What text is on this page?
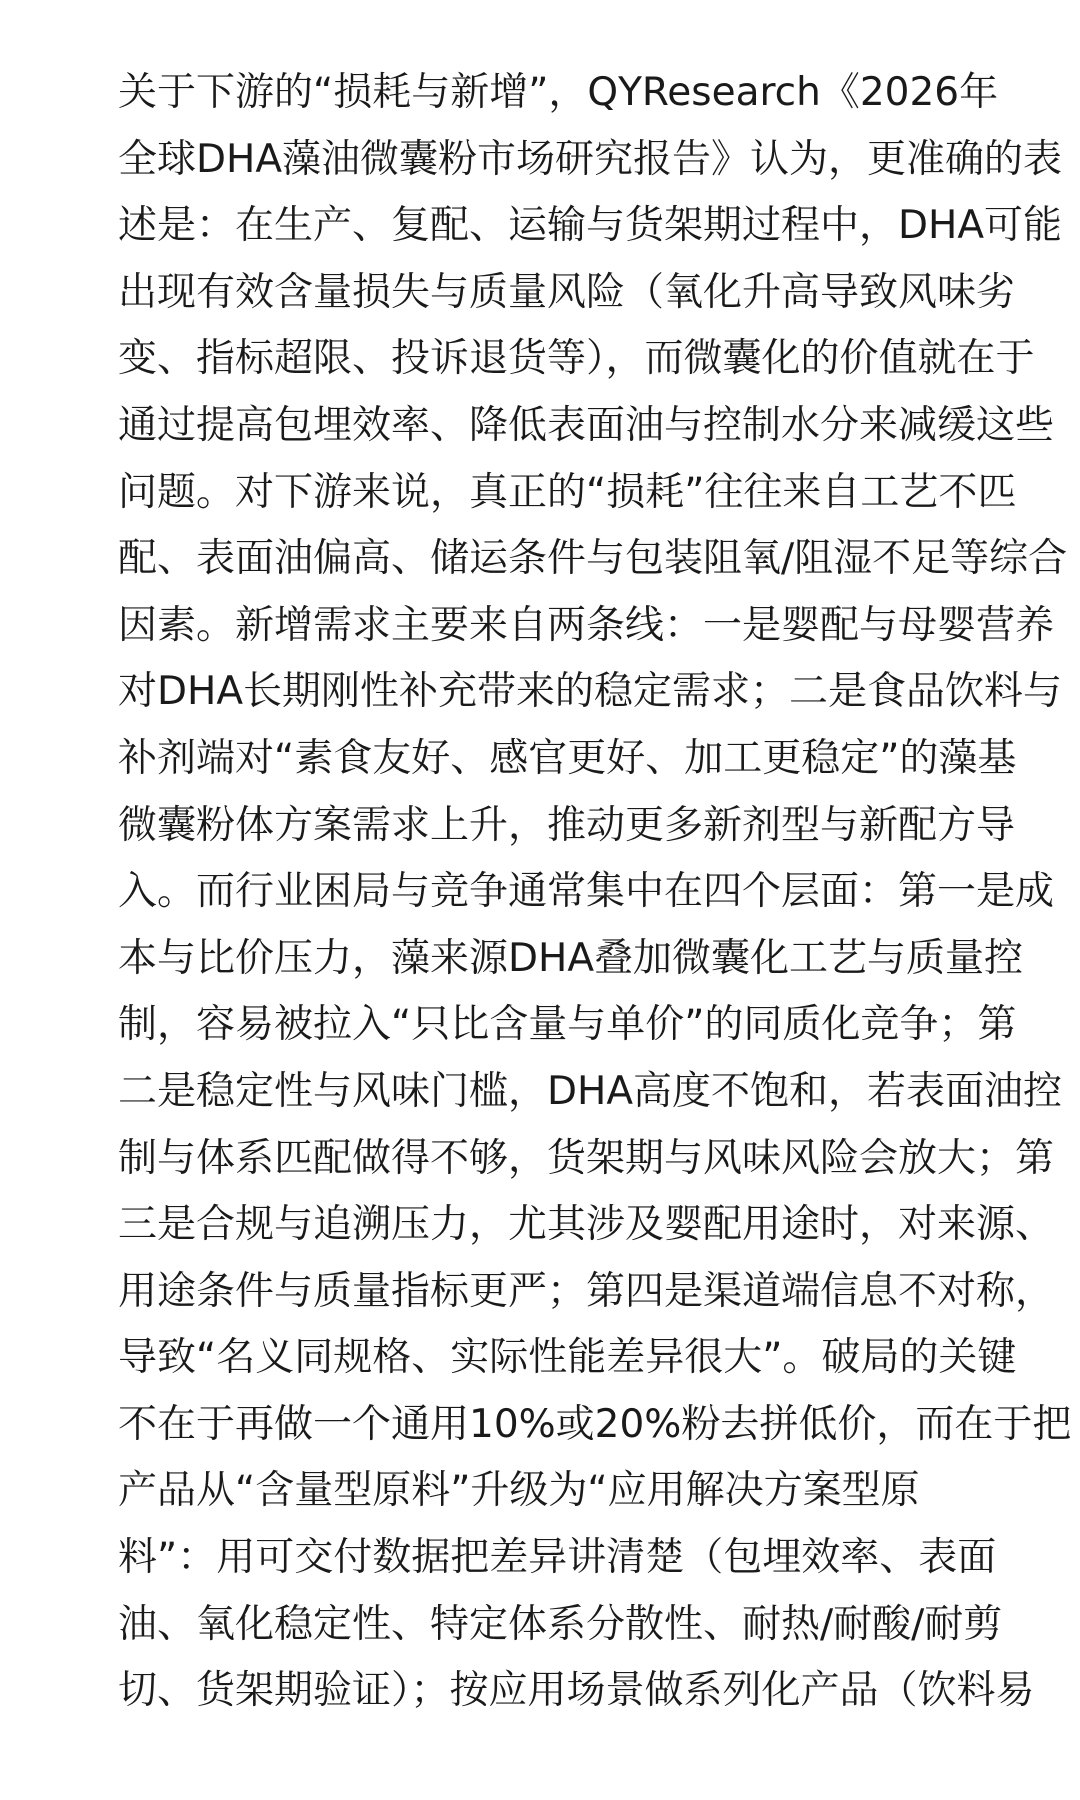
关于下游的“损耗与新增”，QYResearch《2026年
全球DHA藻油微囊粉市场研究报告》认为，更准确的表
述是：在生产、复配、运输与货架期过程中，DHA可能
出现有效含量损失与质量风险（氧化升高导致风味劣
变、指标超限、投诉退货等），而微囊化的价值就在于
通过提高包埋效率、降低表面油与控制水分来减缓这些
问题。对下游来说，真正的“损耗”往往来自工艺不匹
配、表面油偏高、储运条件与包装阻氧/阻湿不足等综合
因素。新增需求主要来自两条线：一是婴配与母婴营养
对DHA长期刚性补充带来的稳定需求；二是食品饮料与
补剂端对“素食友好、感官更好、加工更稳定”的藻基
微囊粉体方案需求上升，推动更多新剂型与新配方导
入。而行业困局与竞争通常集中在四个层面：第一是成
本与比价压力，藻来源DHA叠加微囊化工艺与质量控
制，容易被拉入“只比含量与单价”的同质化竞争；第
二是稳定性与风味门槛，DHA高度不饱和，若表面油控
制与体系匹配做得不够，货架期与风味风险会放大；第
三是合规与追溯压力，尤其涉及婴配用途时，对来源、
用途条件与质量指标更严；第四是渠道端信息不对称，
导致“名义同规格、实际性能差异很大”。破局的关键
不在于再做一个通用10%或20%粉去拼低价，而在于把
产品从“含量型原料”升级为“应用解决方案型原
料”：用可交付数据把差异讲清楚（包埋效率、表面
油、氧化稳定性、特定体系分散性、耐热/耐酸/耐剪
切、货架期验证）；按应用场景做系列化产品（饮料易
